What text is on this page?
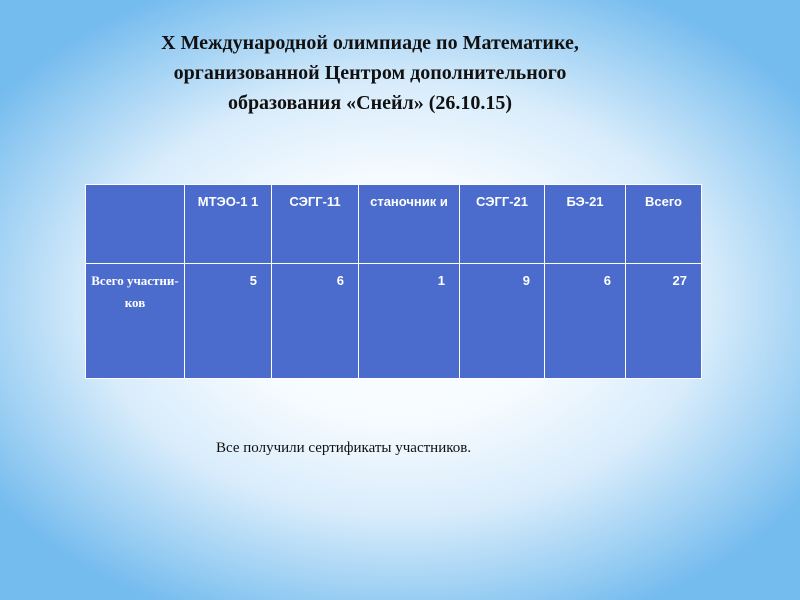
X Международной олимпиаде по Математике,
организованной Центром дополнительного
образования «Снейл» (26.10.15)
	МТЭО-1 1	СЭГГ-11	станочник и	СЭГГ-21	БЭ-21	Всего
Всего участни-ков	5	6	1	9	6	27
Все получили сертификаты участников.
